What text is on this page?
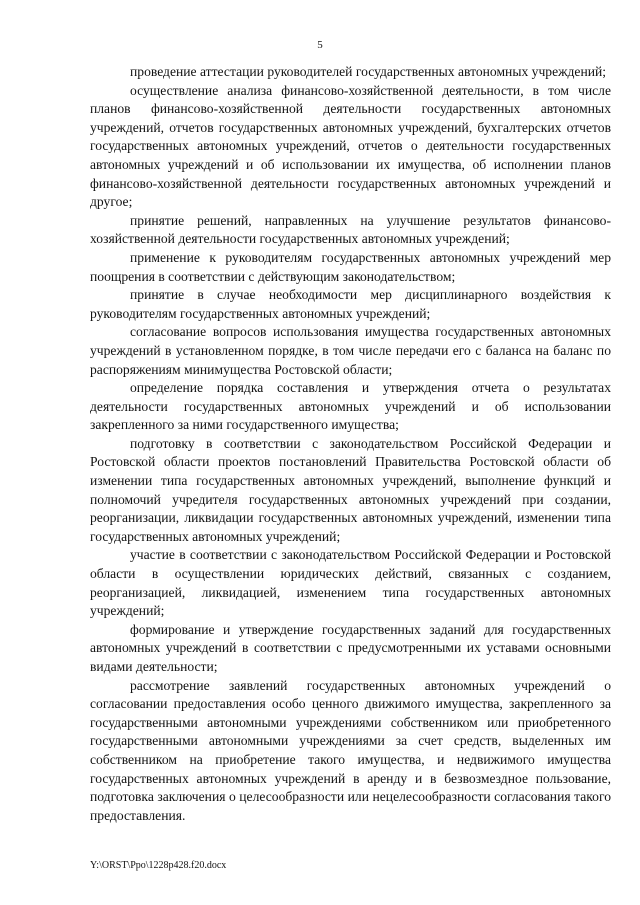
5

проведение аттестации руководителей государственных автономных учреждений;

осуществление анализа финансово-хозяйственной деятельности, в том числе планов финансово-хозяйственной деятельности государственных автономных учреждений, отчетов государственных автономных учреждений, бухгалтерских отчетов государственных автономных учреждений, отчетов о деятельности государственных автономных учреждений и об использовании их имущества, об исполнении планов финансово-хозяйственной деятельности государственных автономных учреждений и другое;

принятие решений, направленных на улучшение результатов финансово-хозяйственной деятельности государственных автономных учреждений;

применение к руководителям государственных автономных учреждений мер поощрения в соответствии с действующим законодательством;

принятие в случае необходимости мер дисциплинарного воздействия к руководителям государственных автономных учреждений;

согласование вопросов использования имущества государственных автономных учреждений в установленном порядке, в том числе передачи его с баланса на баланс по распоряжениям минимущества Ростовской области;

определение порядка составления и утверждения отчета о результатах деятельности государственных автономных учреждений и об использовании закрепленного за ними государственного имущества;

подготовку в соответствии с законодательством Российской Федерации и Ростовской области проектов постановлений Правительства Ростовской области об изменении типа государственных автономных учреждений, выполнение функций и полномочий учредителя государственных автономных учреждений при создании, реорганизации, ликвидации государственных автономных учреждений, изменении типа государственных автономных учреждений;

участие в соответствии с законодательством Российской Федерации и Ростовской области в осуществлении юридических действий, связанных с созданием, реорганизацией, ликвидацией, изменением типа государственных автономных учреждений;

формирование и утверждение государственных заданий для государственных автономных учреждений в соответствии с предусмотренными их уставами основными видами деятельности;

рассмотрение заявлений государственных автономных учреждений о согласовании предоставления особо ценного движимого имущества, закрепленного за государственными автономными учреждениями собственником или приобретенного государственными автономными учреждениями за счет средств, выделенных им собственником на приобретение такого имущества, и недвижимого имущества государственных автономных учреждений в аренду и в безвозмездное пользование, подготовка заключения о целесообразности или нецелесообразности согласования такого предоставления.

Y:\ORST\Ppo\1228p428.f20.docx
